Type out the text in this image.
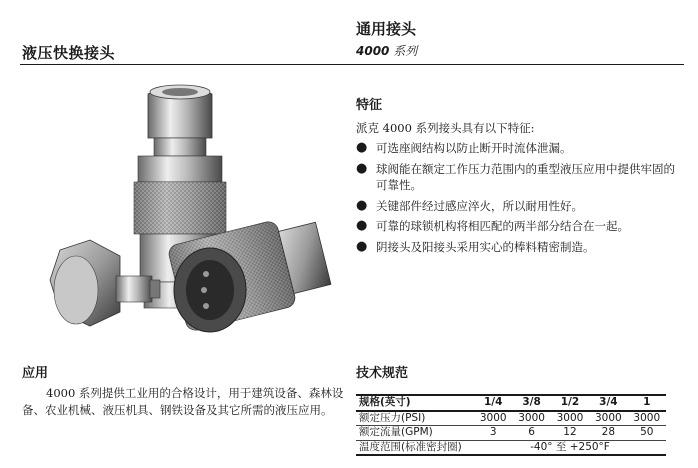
液压快换接头
通用接头
4000 系列
特征
派克 4000 系列接头具有以下特征:
● 可选座阀结构以防止断开时流体泄漏。
● 球阀能在额定工作压力范围内的重型液压应用中提供牢固的可靠性。
● 关键部件经过感应淬火，所以耐用性好。
● 可靠的球锁机构将相匹配的两半部分结合在一起。
● 阴接头及阳接头采用实心的棒料精密制造。
应用
4000 系列提供工业用的合格设计，用于建筑设备、森林设备、农业机械、液压机具、钢铁设备及其它所需的液压应用。
技术规范
规格(英寸)	1/4	3/8	1/2	3/4	1
额定压力(PSI)	3000	3000	3000	3000	3000
额定流量(GPM)	3	6	12	28	50
温度范围(标准密封圈)	-40° 至 +250°F				
